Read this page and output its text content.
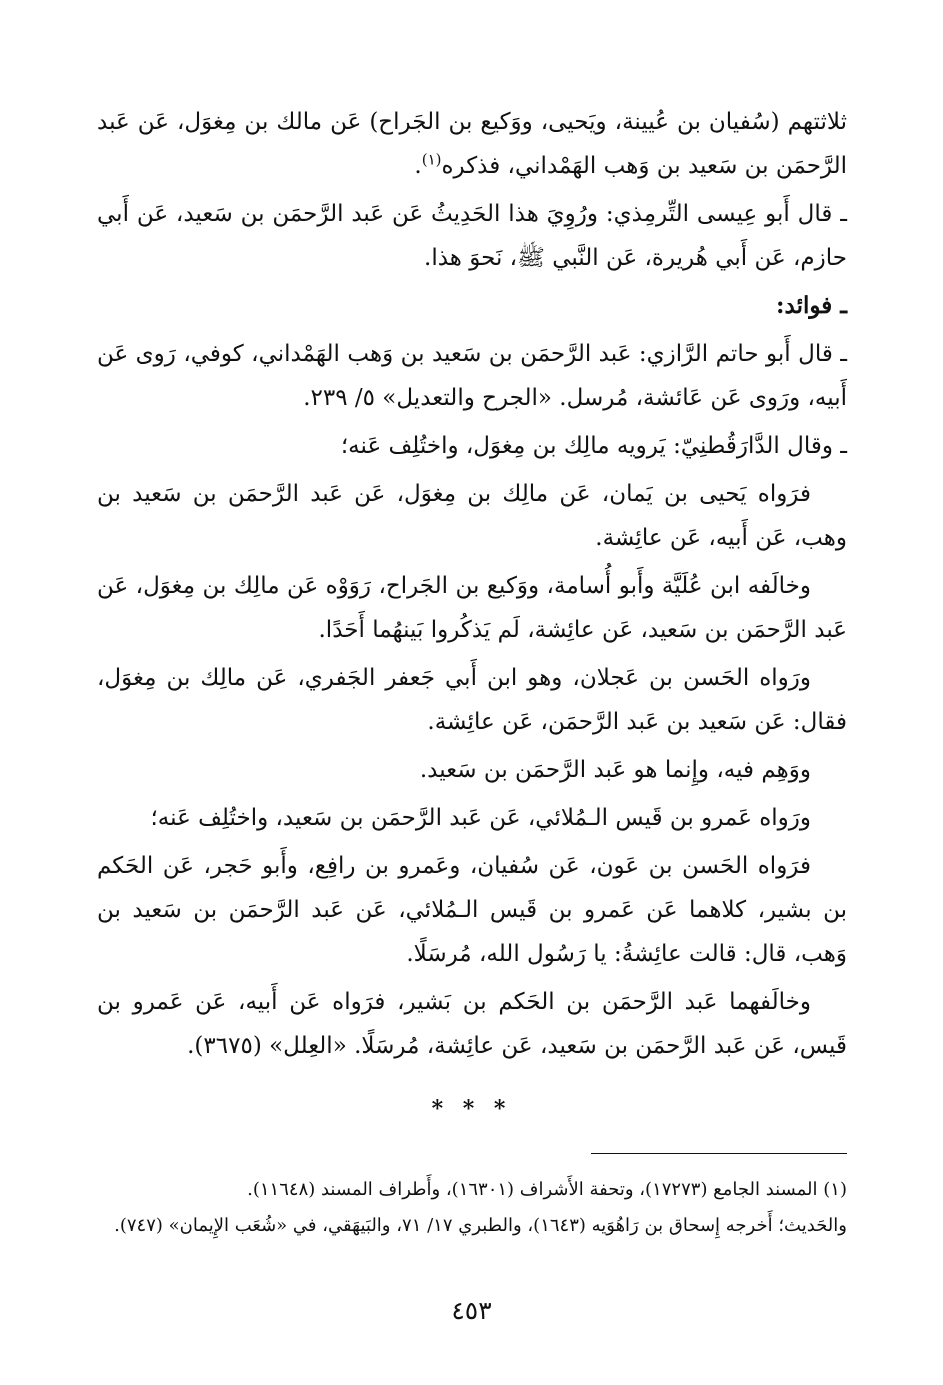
ثلاثتهم (سُفيان بن عُيينة، ويَحيى، ووَكيع بن الجَراح) عَن مالك بن مِغوَل، عَن عَبد الرَّحمَن بن سَعيد بن وَهب الهَمْداني، فذكره$^{(١)}$.

ـ قال أَبو عِيسى التِّرمِذي: ورُوِيَ هذا الحَدِيثُ عَن عَبد الرَّحمَن بن سَعيد، عَن أَبي حازم، عَن أَبي هُريرة، عَن النَّبي ﷺ، نَحوَ هذا.

ـ فوائد:

ـ قال أَبو حاتم الرَّازي: عَبد الرَّحمَن بن سَعيد بن وَهب الهَمْداني، كوفي، رَوى عَن أَبيه، ورَوى عَن عَائشة، مُرسل. «الجرح والتعديل» ٥/ ٢٣٩.

ـ وقال الدَّارَقُطنِيّ: يَرويه مالِك بن مِغوَل، واختُلِف عَنه؛

فرَواه يَحيى بن يَمان، عَن مالِك بن مِغوَل، عَن عَبد الرَّحمَن بن سَعيد بن وهب، عَن أَبيه، عَن عائِشة.

وخالَفه ابن عُلَيَّة وأَبو أُسامة، ووَكيع بن الجَراح، رَوَوْه عَن مالِك بن مِغوَل، عَن عَبد الرَّحمَن بن سَعيد، عَن عائِشة، لَم يَذكُروا بَينهُما أَحَدًا.

ورَواه الحَسن بن عَجلان، وهو ابن أَبي جَعفر الجَفري، عَن مالِك بن مِغوَل، فقال: عَن سَعيد بن عَبد الرَّحمَن، عَن عائِشة.

ووَهِم فيه، وإِنما هو عَبد الرَّحمَن بن سَعيد.

ورَواه عَمرو بن قَيس الـمُلائي، عَن عَبد الرَّحمَن بن سَعيد، واختُلِف عَنه؛

فرَواه الحَسن بن عَون، عَن سُفيان، وعَمرو بن رافِع، وأَبو حَجر، عَن الحَكم بن بشير، كلاهما عَن عَمرو بن قَيس الـمُلائي، عَن عَبد الرَّحمَن بن سَعيد بن وَهب، قال: قالت عائِشةُ: يا رَسُول الله، مُرسَلًا.

وخالَفهما عَبد الرَّحمَن بن الحَكم بن بَشير، فرَواه عَن أَبيه، عَن عَمرو بن قَيس، عَن عَبد الرَّحمَن بن سَعيد، عَن عائِشة، مُرسَلًا. «العِلل» (٣٦٧٥).

* * *

(١) المسند الجامع (١٧٢٧٣)، وتحفة الأَشراف (١٦٣٠١)، وأَطراف المسند (١١٦٤٨).

والحَديث؛ أَخرجه إِسحاق بن رَاهُوَيه (١٦٤٣)، والطبري ١٧/ ٧١، والبَيهَقي، في «شُعَب الإِيمان» (٧٤٧).

٤٥٣
